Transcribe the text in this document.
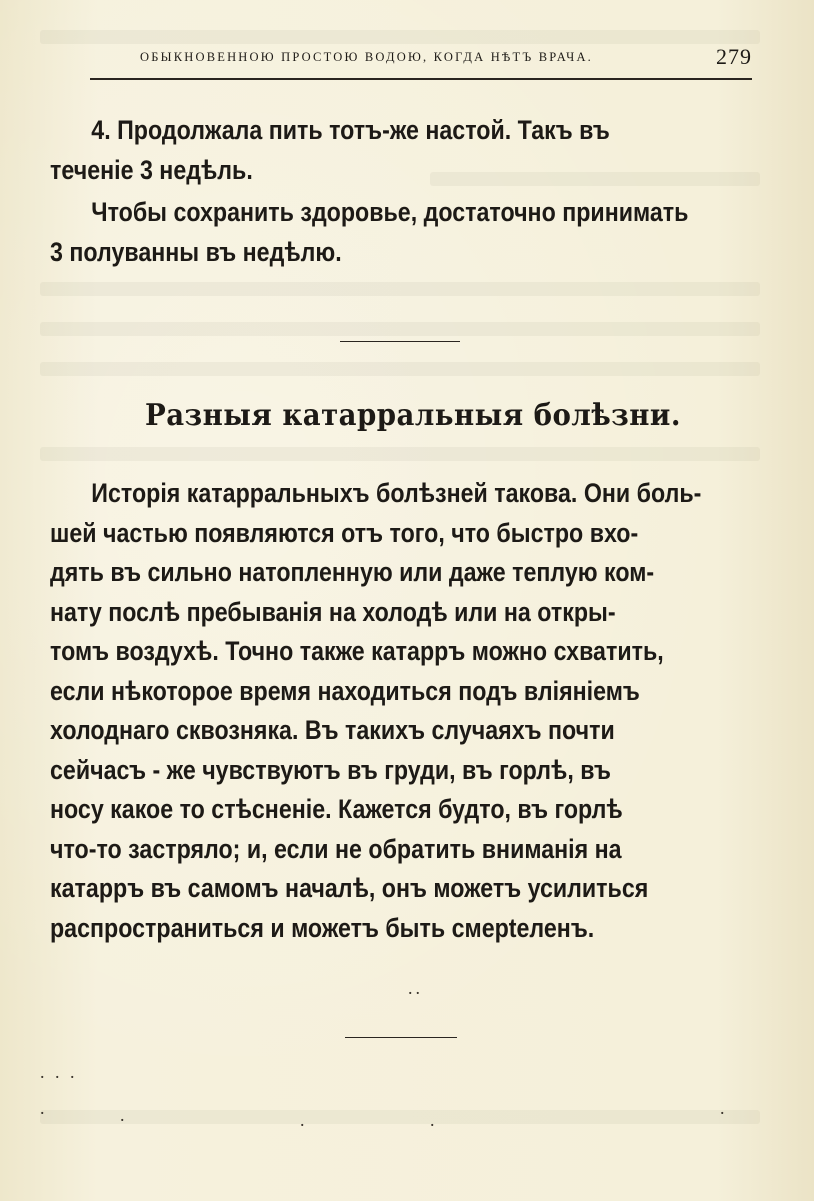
ОБЫКНОВЕННОЮ ПРОСТОЮ ВОДОЮ, КОГДА НѢТЪ ВРАЧА.	279
4. Продолжала пить тотъ-же настой. Такъ въ
теченіе 3 недѣль.
Чтобы сохранить здоровье, достаточно принимать
3 полуванны въ недѣлю.
Разныя катарральныя болѣзни.
Исторія катарральныхъ болѣзней такова. Они боль-
шей частью появляются отъ того, что быстро вхо-
дять въ сильно натопленную или даже теплую ком-
нату послѣ пребыванія на холодѣ или на откры-
томъ воздухѣ. Точно также катарръ можно схватить,
если нѣкоторое время находиться подъ вліяніемъ
холоднаго сквозняка. Въ такихъ случаяхъ почти
сейчасъ - же чувствуютъ въ груди, въ горлѣ, въ
носу какое то стѣсненіе. Кажется будто, въ горлѣ
что-то застряло; и, если не обратить вниманія на
катарръ въ самомъ началѣ, онъ можетъ усилиться
распространиться и можетъ быть смерteленъ.
..
. . .
.	.	.	.
.
